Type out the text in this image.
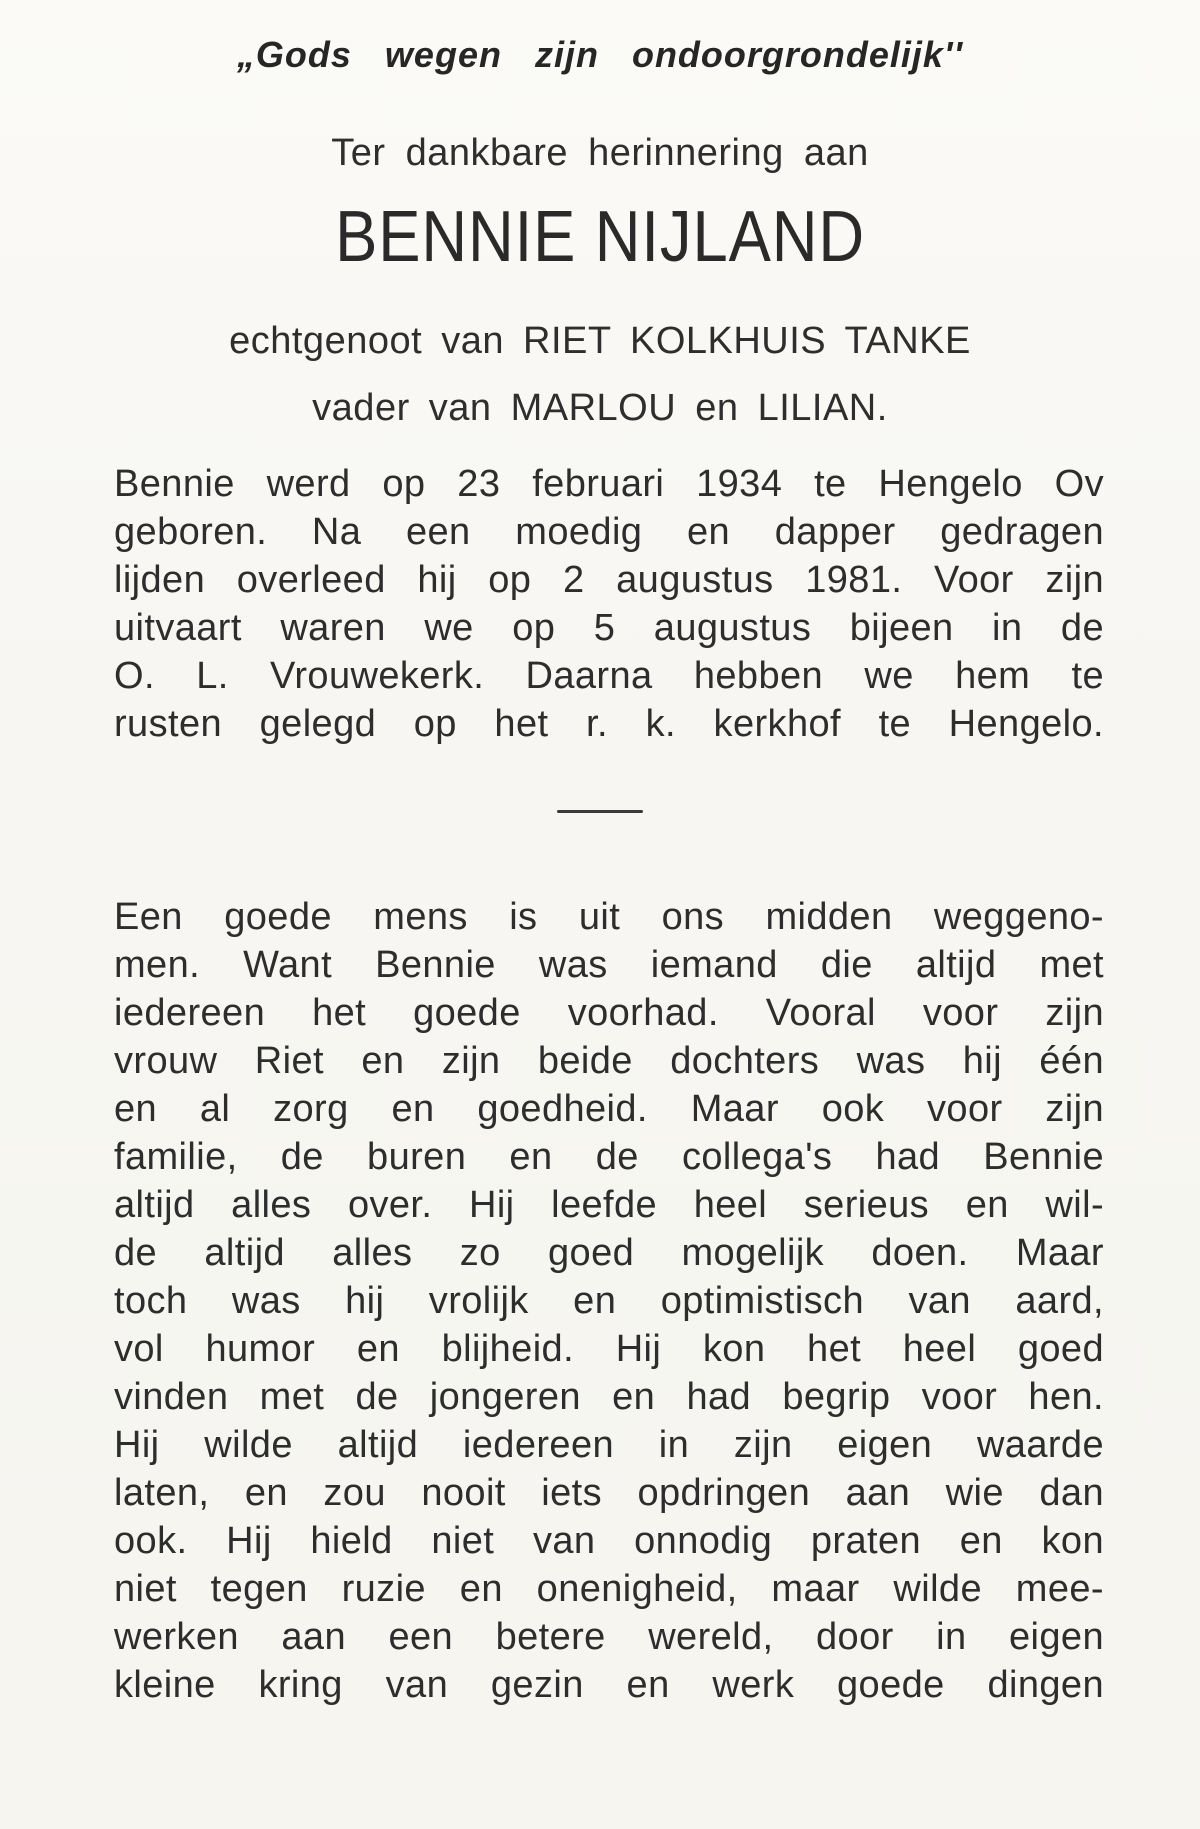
„Gods wegen zijn ondoorgrondelijk''
Ter dankbare herinnering aan
BENNIE NIJLAND
echtgenoot van RIET KOLKHUIS TANKE
vader van MARLOU en LILIAN.
Bennie werd op 23 februari 1934 te Hengelo Ov
geboren. Na een moedig en dapper gedragen
lijden overleed hij op 2 augustus 1981. Voor zijn
uitvaart waren we op 5 augustus bijeen in de
O. L. Vrouwekerk. Daarna hebben we hem te
rusten gelegd op het r. k. kerkhof te Hengelo.
Een goede mens is uit ons midden weggeno-
men. Want Bennie was iemand die altijd met
iedereen het goede voorhad. Vooral voor zijn
vrouw Riet en zijn beide dochters was hij één
en al zorg en goedheid. Maar ook voor zijn
familie, de buren en de collega's had Bennie
altijd alles over. Hij leefde heel serieus en wil-
de altijd alles zo goed mogelijk doen. Maar
toch was hij vrolijk en optimistisch van aard,
vol humor en blijheid. Hij kon het heel goed
vinden met de jongeren en had begrip voor hen.
Hij wilde altijd iedereen in zijn eigen waarde
laten, en zou nooit iets opdringen aan wie dan
ook. Hij hield niet van onnodig praten en kon
niet tegen ruzie en onenigheid, maar wilde mee-
werken aan een betere wereld, door in eigen
kleine kring van gezin en werk goede dingen
